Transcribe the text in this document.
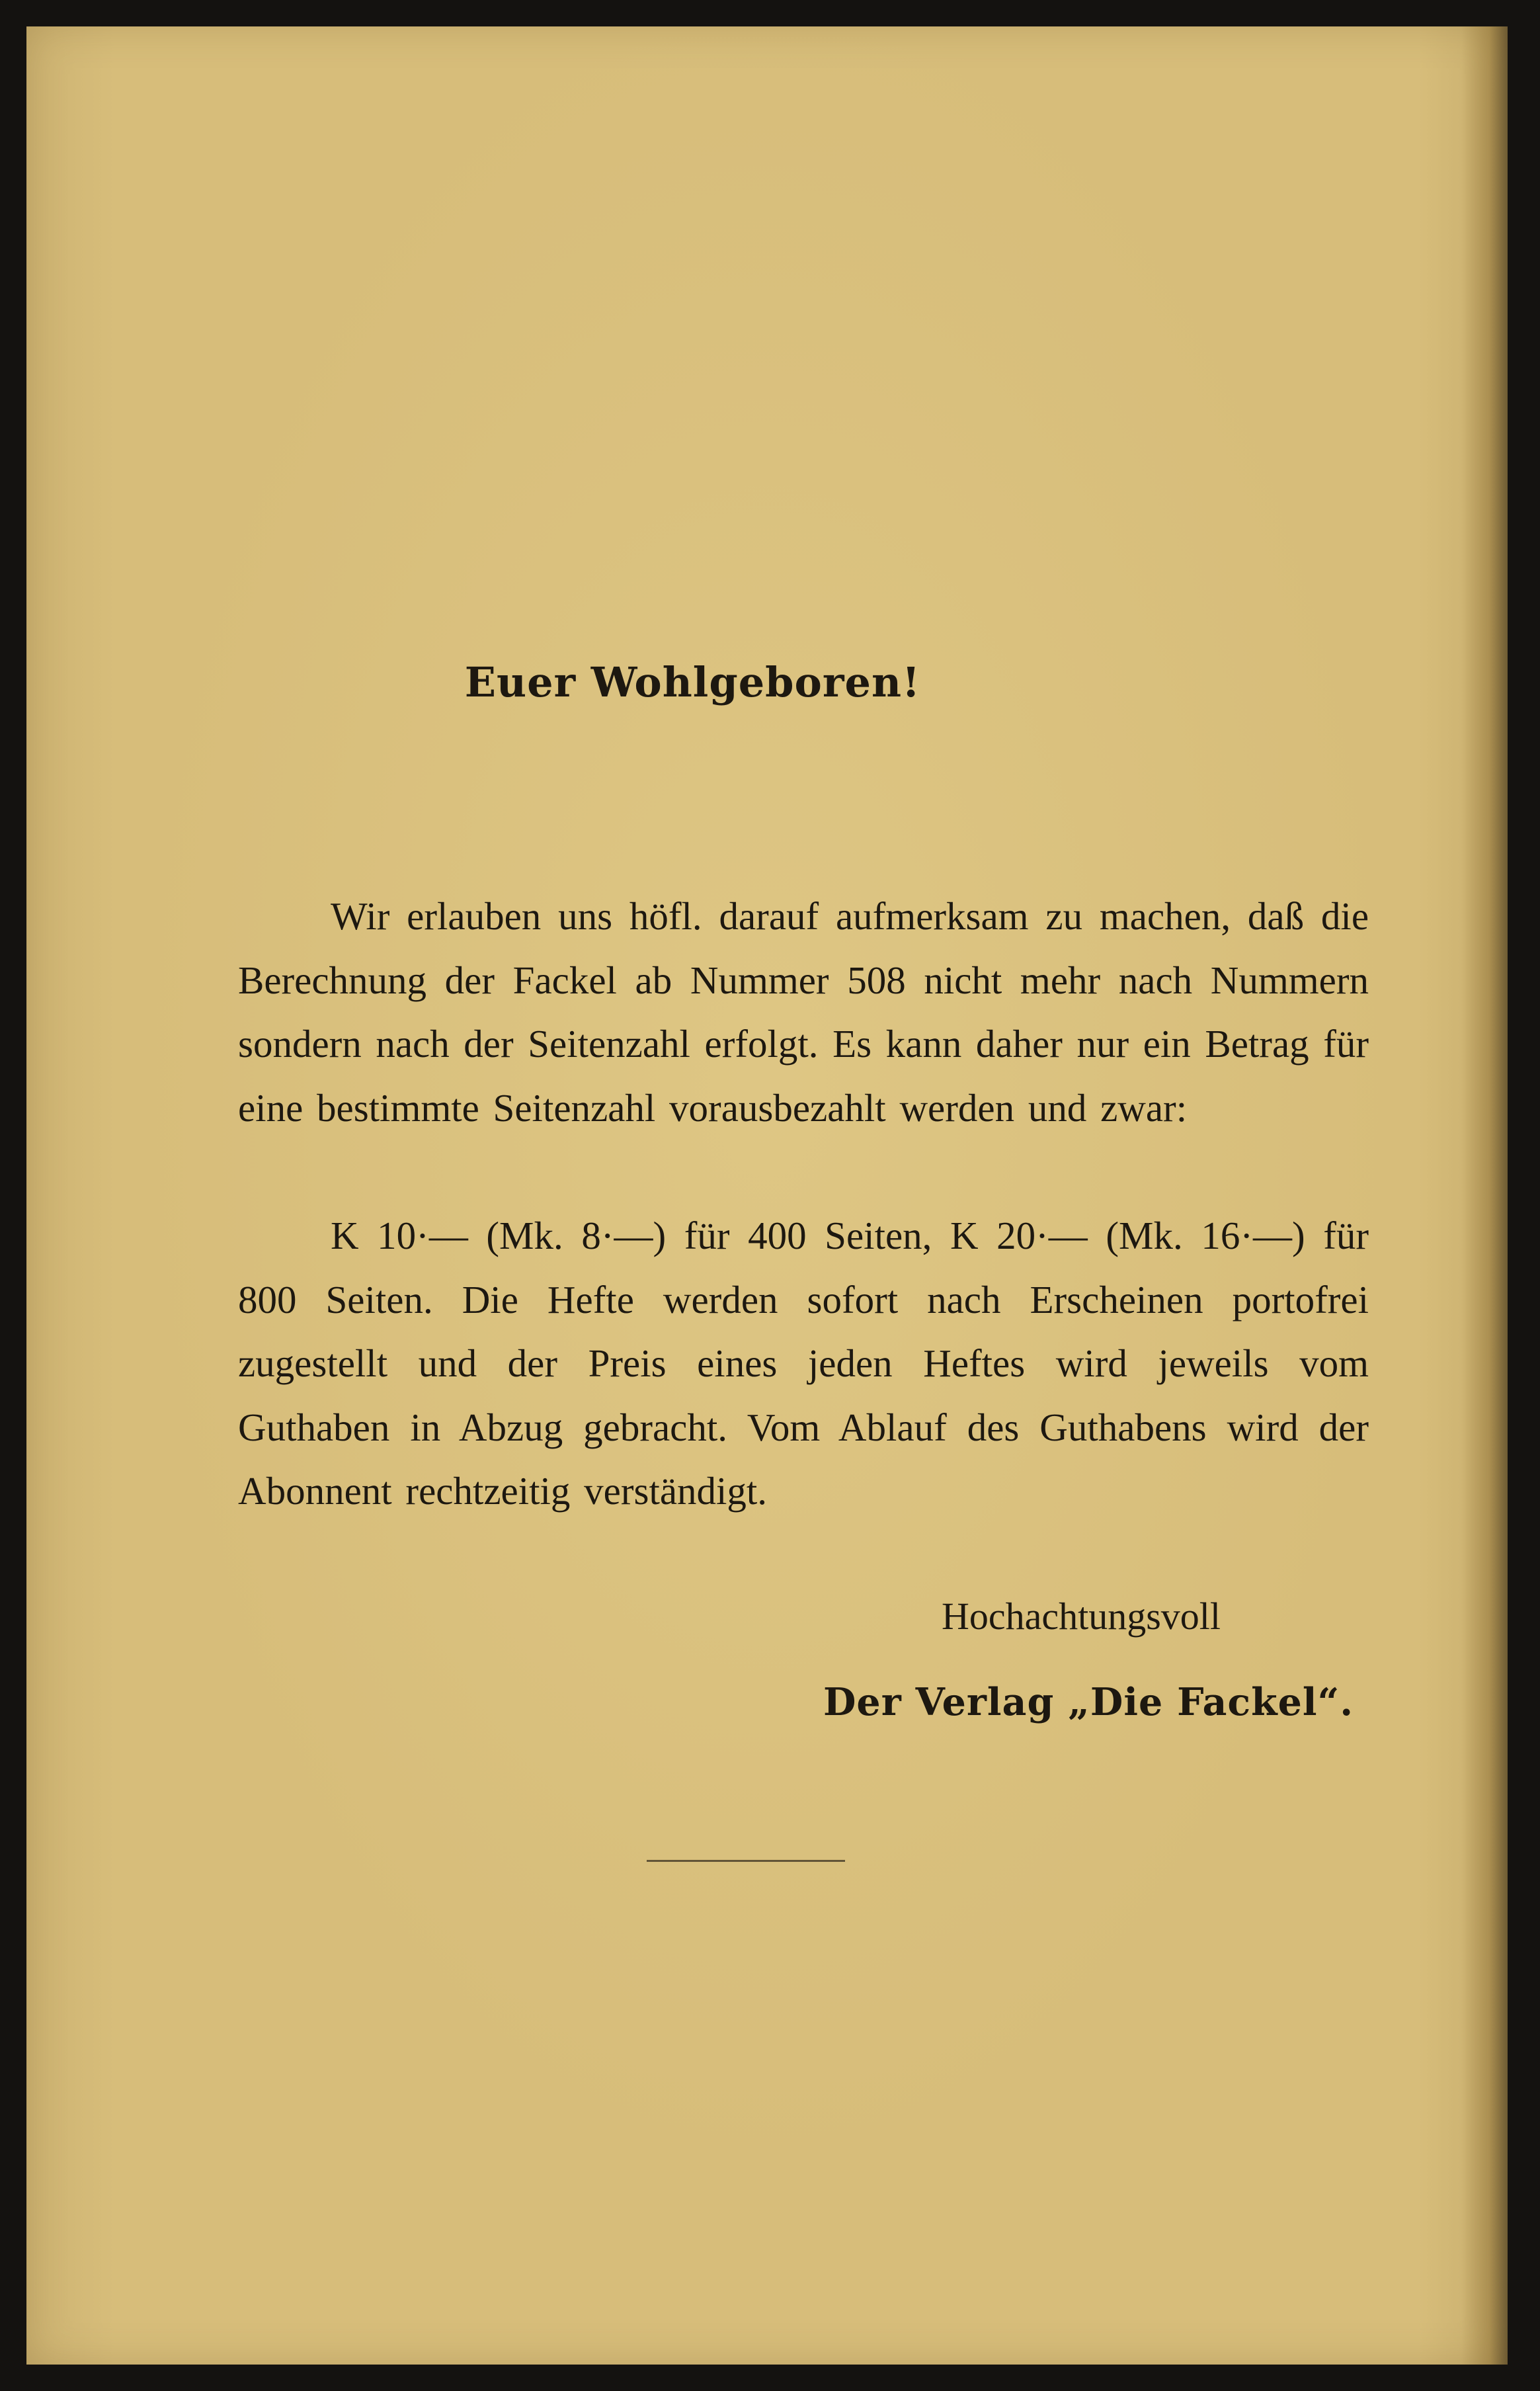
Euer Wohlgeboren!

Wir erlauben uns höfl. darauf aufmerksam zu machen, daß die Berechnung der Fackel ab Nummer 508 nicht mehr nach Nummern sondern nach der Seitenzahl erfolgt. Es kann daher nur ein Betrag für eine bestimmte Seitenzahl vorausbezahlt werden und zwar:

K 10·— (Mk. 8·—) für 400 Seiten, K 20·— (Mk. 16·—) für 800 Seiten. Die Hefte werden sofort nach Erscheinen portofrei zugestellt und der Preis eines jeden Heftes wird jeweils vom Guthaben in Abzug gebracht. Vom Ablauf des Guthabens wird der Abonnent rechtzeitig verständigt.

Hochachtungsvoll

Der Verlag „Die Fackel“.
